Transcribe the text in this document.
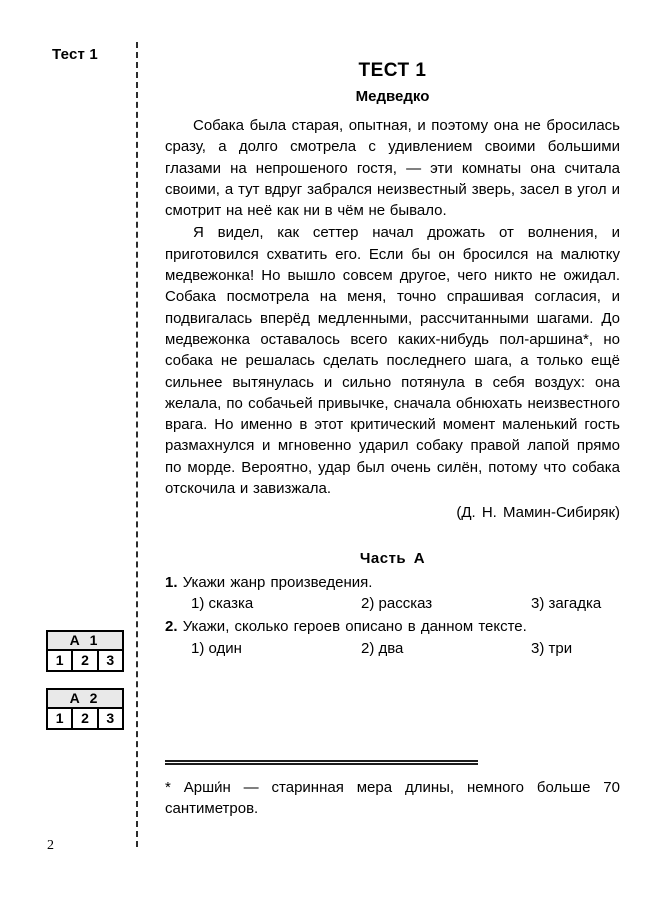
Тест 1
А 1
1	2	3
А 2
1	2	3
2
ТЕСТ 1
Медведко

Собака была старая, опытная, и поэтому она не бросилась сразу, а долго смотрела с удивлением своими большими глазами на непрошеного гостя, — эти комнаты она считала своими, а тут вдруг забрался неизвестный зверь, засел в угол и смотрит на неё как ни в чём не бывало.

Я видел, как сеттер начал дрожать от волнения, и приготовился схватить его. Если бы он бросился на малютку медвежонка! Но вышло совсем другое, чего никто не ожидал. Собака посмотрела на меня, точно спрашивая согласия, и подвигалась вперёд медленными, рассчитанными шагами. До медвежонка оставалось всего каких-нибудь пол-аршина*, но собака не решалась сделать последнего шага, а только ещё сильнее вытянулась и сильно потянула в себя воздух: она желала, по собачьей привычке, сначала обнюхать неизвестного врага. Но именно в этот критический момент маленький гость размахнулся и мгновенно ударил собаку правой лапой прямо по морде. Вероятно, удар был очень силён, потому что собака отскочила и завизжала.

(Д. Н. Мамин-Сибиряк)
Часть А

1. Укажи жанр произведения.

1) сказка	2) рассказ	3) загадка

2. Укажи, сколько героев описано в данном тексте.

1) один	2) два	3) три
* Арши́н — старинная мера длины, немного больше 70 сантиметров.
